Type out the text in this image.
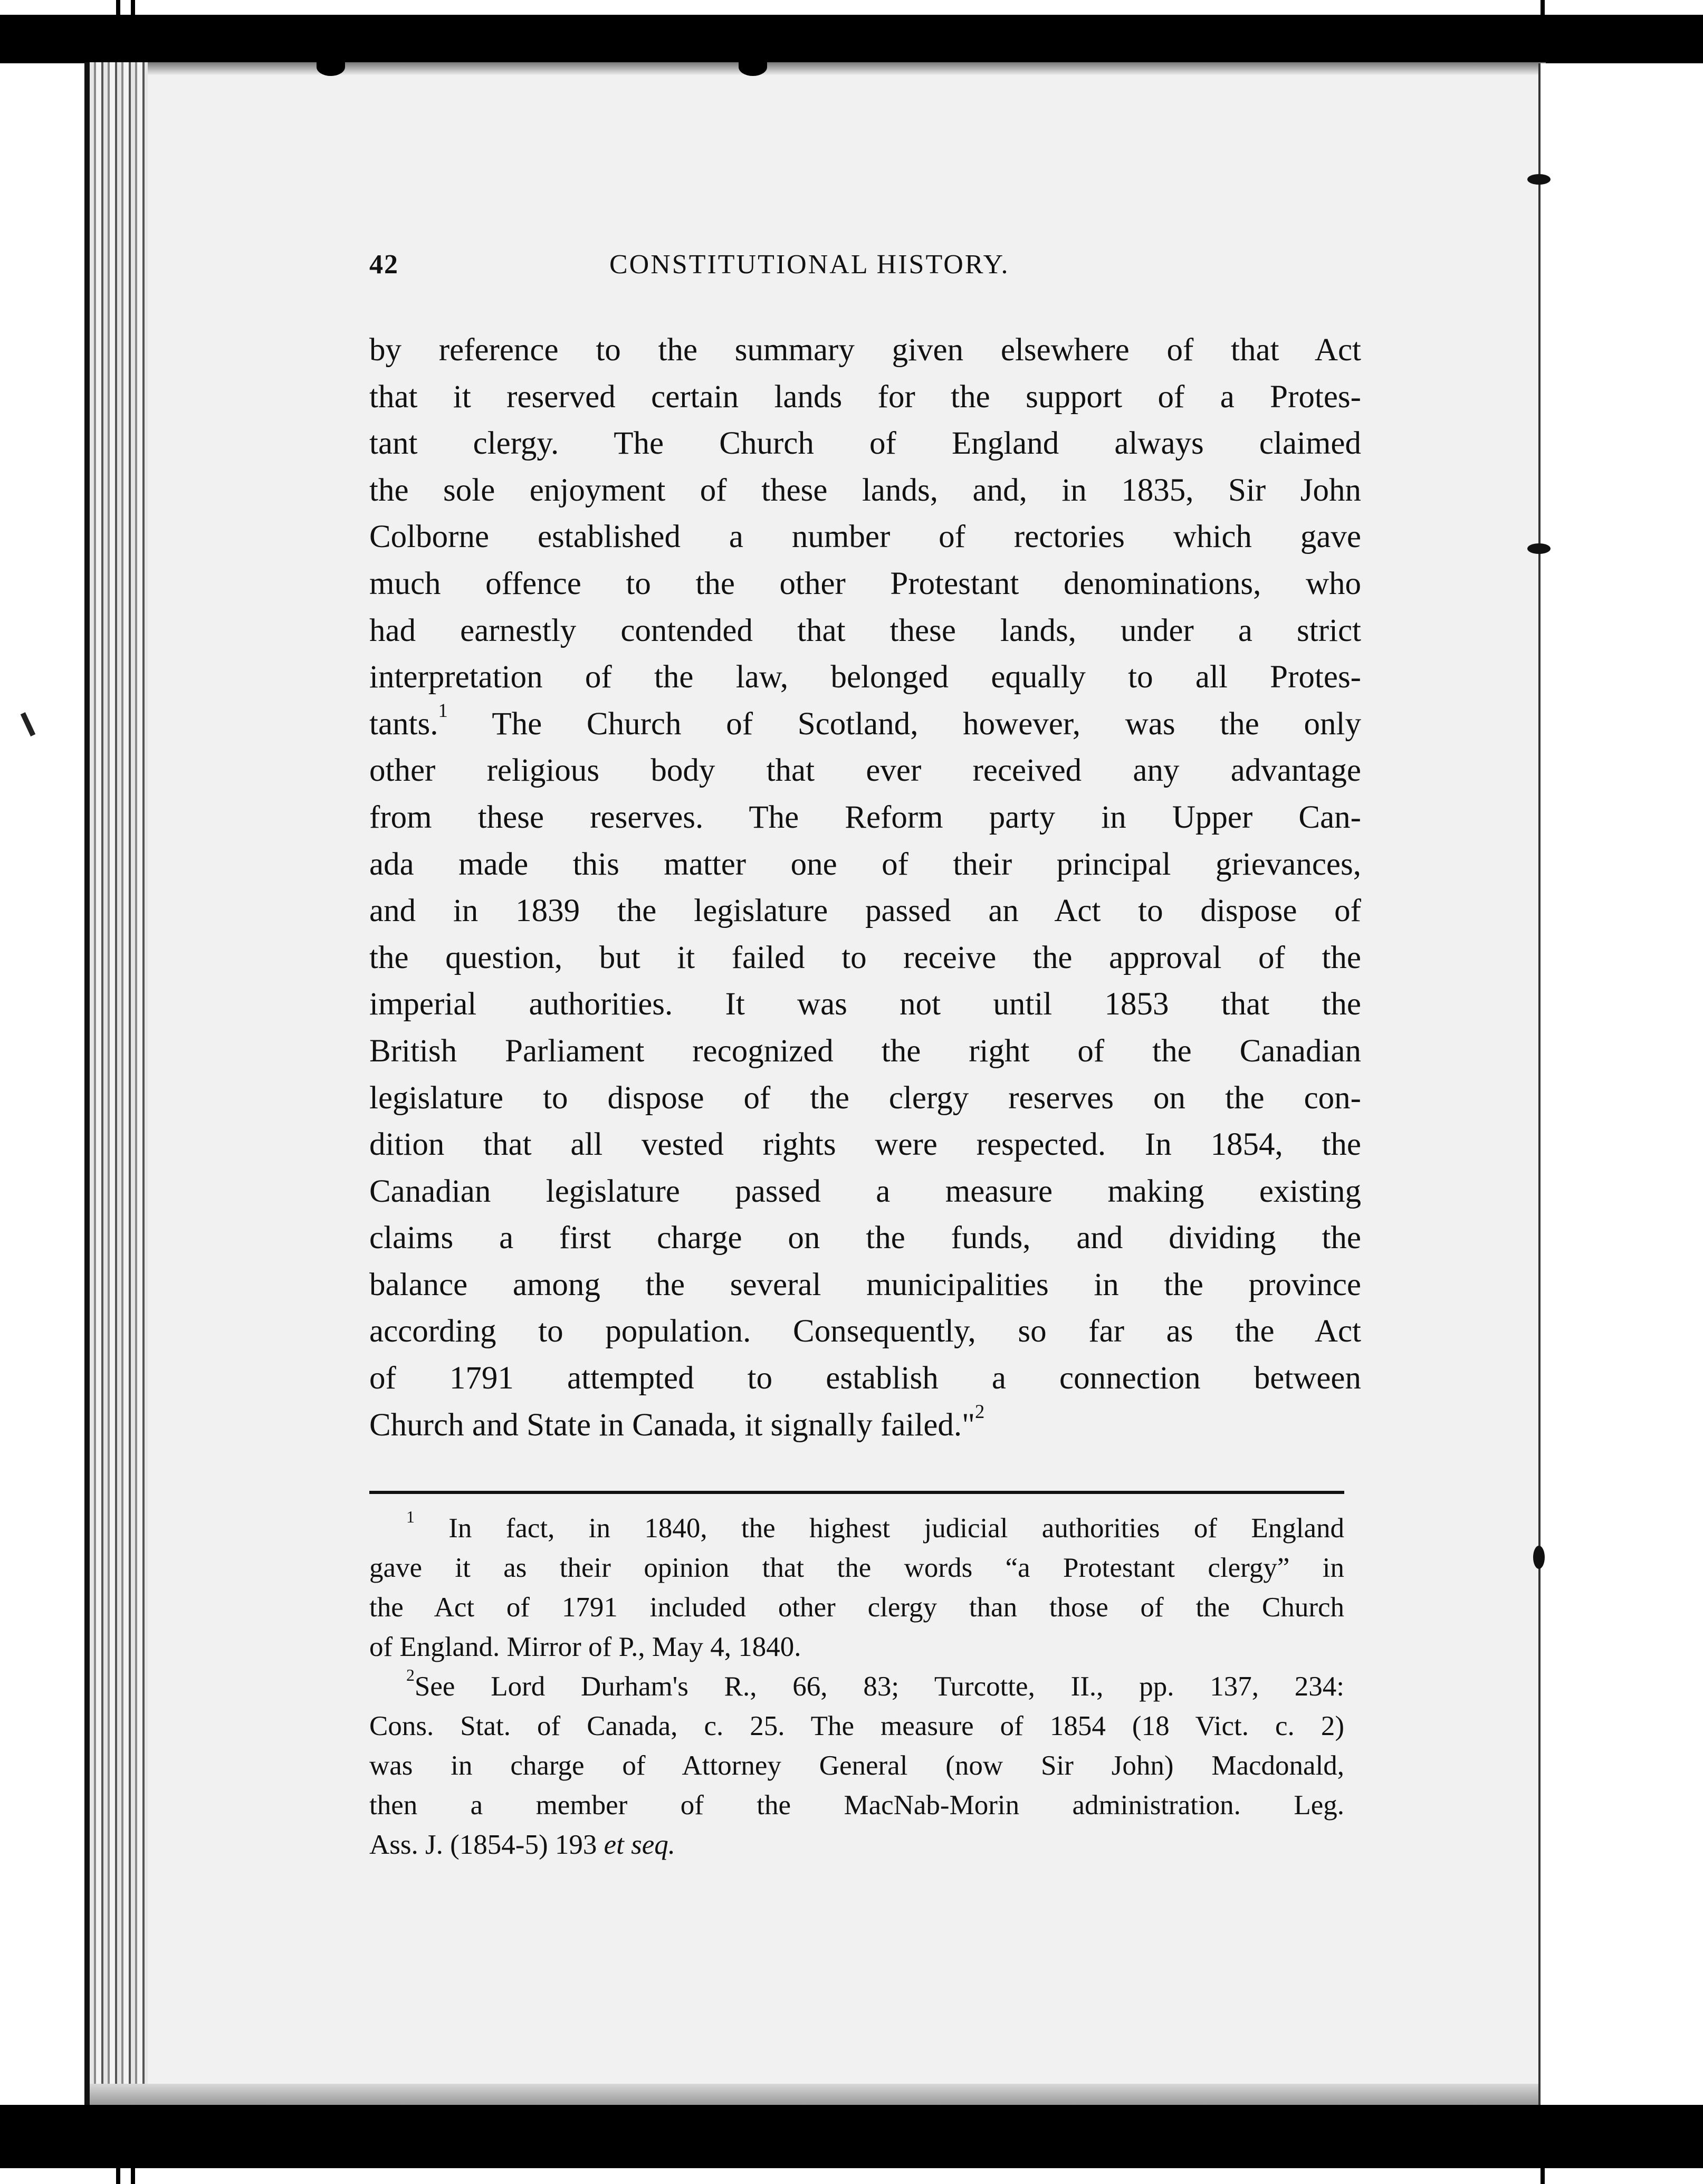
42	CONSTITUTIONAL HISTORY.
by reference to the summary given elsewhere of that Act
that it reserved certain lands for the support of a Protes-
tant clergy. The Church of England always claimed
the sole enjoyment of these lands, and, in 1835, Sir John
Colborne established a number of rectories which gave
much offence to the other Protestant denominations, who
had earnestly contended that these lands, under a strict
interpretation of the law, belonged equally to all Protes-
tants.$^1$ The Church of Scotland, however, was the only
other religious body that ever received any advantage
from these reserves. The Reform party in Upper Can-
ada made this matter one of their principal grievances,
and in 1839 the legislature passed an Act to dispose of
the question, but it failed to receive the approval of the
imperial authorities. It was not until 1853 that the
British Parliament recognized the right of the Canadian
legislature to dispose of the clergy reserves on the con-
dition that all vested rights were respected. In 1854, the
Canadian legislature passed a measure making existing
claims a first charge on the funds, and dividing the
balance among the several municipalities in the province
according to population. Consequently, so far as the Act
of 1791 attempted to establish a connection between
Church and State in Canada, it signally failed."$^2$
$^1$ In fact, in 1840, the highest judicial authorities of England
gave it as their opinion that the words “a Protestant clergy” in
the Act of 1791 included other clergy than those of the Church
of England. Mirror of P., May 4, 1840.
$^2$See Lord Durham's R., 66, 83; Turcotte, II., pp. 137, 234:
Cons. Stat. of Canada, c. 25. The measure of 1854 (18 Vict. c. 2)
was in charge of Attorney General (now Sir John) Macdonald,
then a member of the MacNab-Morin administration. Leg.
Ass. J. (1854-5) 193 et seq.
